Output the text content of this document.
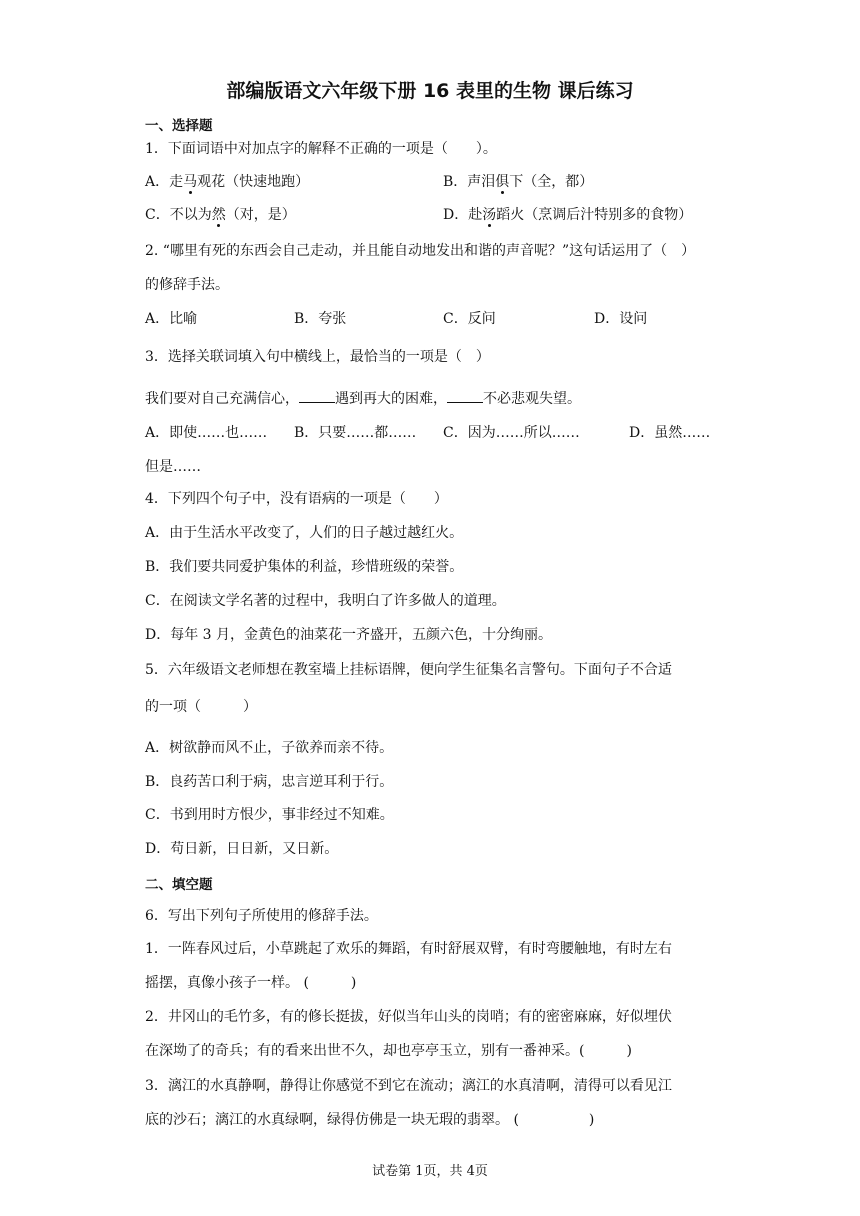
部编版语文六年级下册 16 表里的生物 课后练习
一、选择题
1．下面词语中对加点字的解释不正确的一项是（　　）。
A．走马观花（快速地跑）	B．声泪俱下（全，都）
C．不以为然（对，是）	D．赴汤蹈火（烹调后汁特别多的食物）
2. “哪里有死的东西会自己走动，并且能自动地发出和谐的声音呢？”这句话运用了（　）
的修辞手法。
A．比喻	B．夸张	C．反问	D．设问
3．选择关联词填入句中横线上，最恰当的一项是（　）
我们要对自己充满信心，	遇到再大的困难，	不必悲观失望。
A．即使……也…… B．只要……都…… C．因为……所以……	D．虽然……
但是……
4．下列四个句子中，没有语病的一项是（　　）
A．由于生活水平改变了，人们的日子越过越红火。
B．我们要共同爱护集体的利益，珍惜班级的荣誉。
C．在阅读文学名著的过程中，我明白了许多做人的道理。
D．每年 3 月，金黄色的油菜花一齐盛开，五颜六色，十分绚丽。
5．六年级语文老师想在教室墙上挂标语牌，便向学生征集名言警句。下面句子不合适
的一项（　　　）
A．树欲静而风不止，子欲养而亲不待。
B．良药苦口利于病，忠言逆耳利于行。
C．书到用时方恨少，事非经过不知难。
D．苟日新，日日新，又日新。
二、填空题
6．写出下列句子所使用的修辞手法。
1．一阵春风过后，小草跳起了欢乐的舞蹈，有时舒展双臂，有时弯腰触地，有时左右
摇摆，真像小孩子一样。 (　　　)
2．井冈山的毛竹多，有的修长挺拔，好似当年山头的岗哨；有的密密麻麻，好似埋伏
在深坳了的奇兵；有的看来出世不久，却也亭亭玉立，别有一番神采。(　　　)
3．漓江的水真静啊，静得让你感觉不到它在流动；漓江的水真清啊，清得可以看见江
底的沙石；漓江的水真绿啊，绿得仿佛是一块无瑕的翡翠。 (　　　　　)
试卷第 1页，共 4页
